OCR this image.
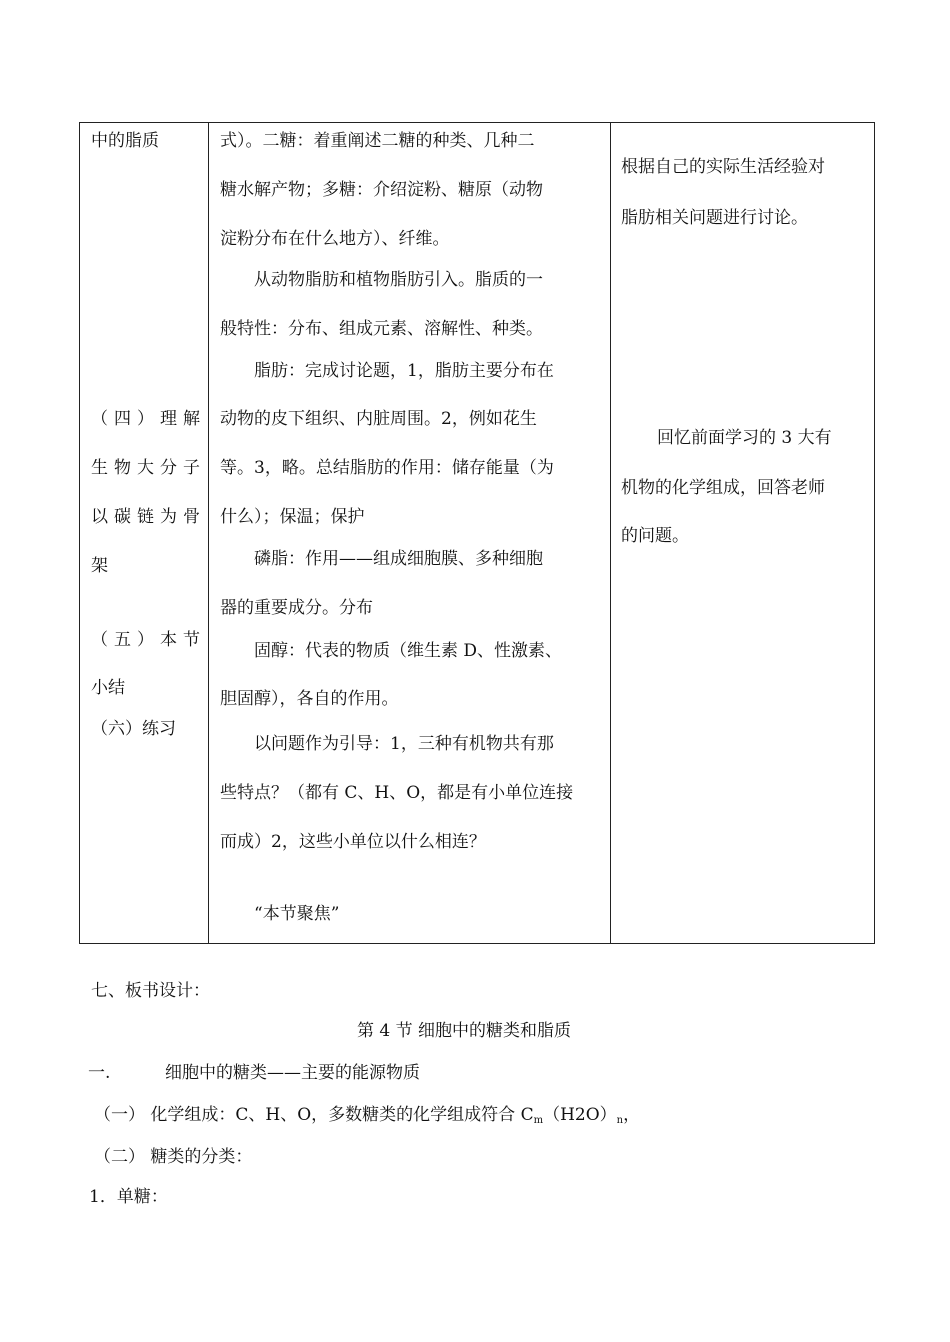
中的脂质
（四）理解
生物大分子
以碳链为骨
架
（五）本节
小结
（六）练习

式）。二糖：着重阐述二糖的种类、几种二
糖水解产物；多糖：介绍淀粉、糖原（动物
淀粉分布在什么地方）、纤维。
从动物脂肪和植物脂肪引入。脂质的一
般特性：分布、组成元素、溶解性、种类。
脂肪：完成讨论题，1，脂肪主要分布在
动物的皮下组织、内脏周围。2，例如花生
等。3，略。总结脂肪的作用：储存能量（为
什么）；保温；保护
磷脂：作用——组成细胞膜、多种细胞
器的重要成分。分布
固醇：代表的物质（维生素 D、性激素、
胆固醇），各自的作用。
以问题作为引导：1，三种有机物共有那
些特点？（都有 C、H、O，都是有小单位连接
而成）2，这些小单位以什么相连？
“本节聚焦”

根据自己的实际生活经验对
脂肪相关问题进行讨论。
回忆前面学习的 3 大有
机物的化学组成，回答老师
的问题。
七、板书设计：
第 4 节 细胞中的糖类和脂质
一.	细胞中的糖类——主要的能源物质
（一） 化学组成：C、H、O，多数糖类的化学组成符合 $C_m(H2O)_n$，
（二） 糖类的分类：
1．单糖：
